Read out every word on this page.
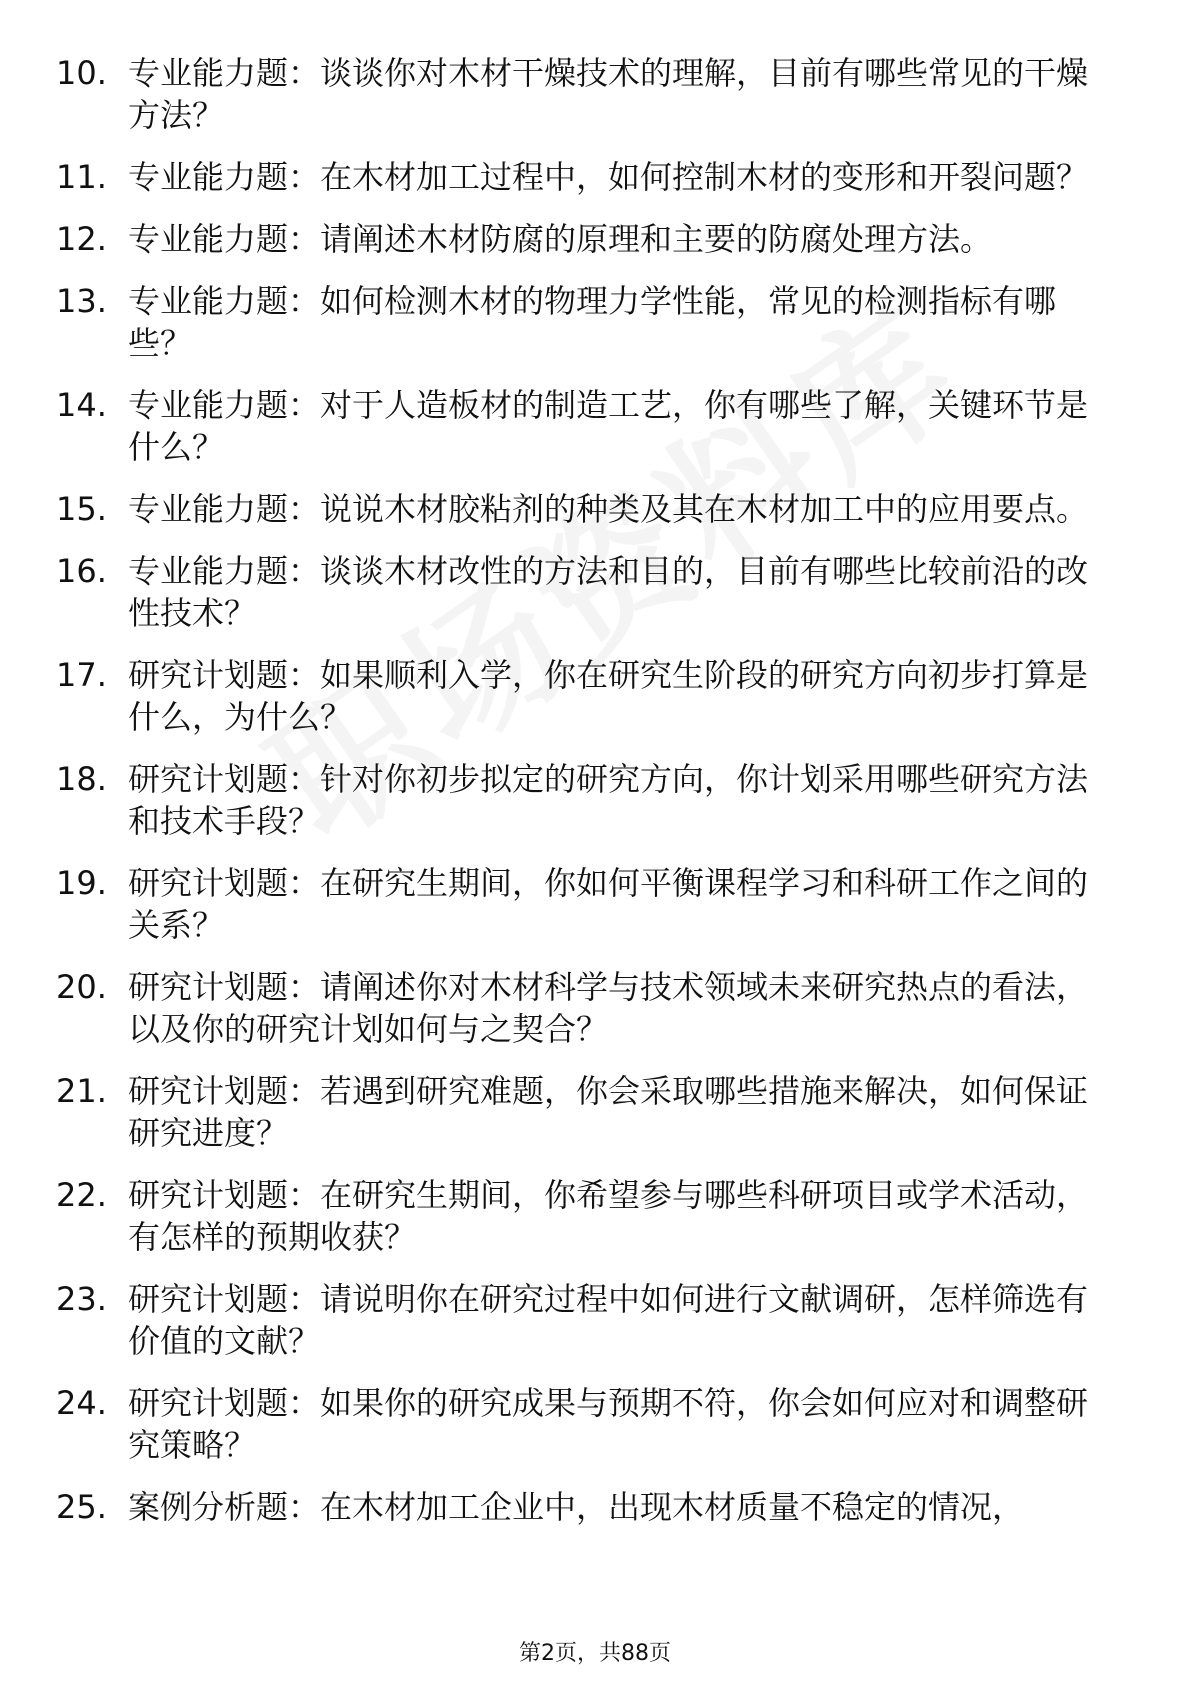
10. 专业能力题：谈谈你对木材干燥技术的理解，目前有哪些常见的干燥方法？
11. 专业能力题：在木材加工过程中，如何控制木材的变形和开裂问题？
12. 专业能力题：请阐述木材防腐的原理和主要的防腐处理方法。
13. 专业能力题：如何检测木材的物理力学性能，常见的检测指标有哪些？
14. 专业能力题：对于人造板材的制造工艺，你有哪些了解，关键环节是什么？
15. 专业能力题：说说木材胶粘剂的种类及其在木材加工中的应用要点。
16. 专业能力题：谈谈木材改性的方法和目的，目前有哪些比较前沿的改性技术？
17. 研究计划题：如果顺利入学，你在研究生阶段的研究方向初步打算是什么，为什么？
18. 研究计划题：针对你初步拟定的研究方向，你计划采用哪些研究方法和技术手段？
19. 研究计划题：在研究生期间，你如何平衡课程学习和科研工作之间的关系？
20. 研究计划题：请阐述你对木材科学与技术领域未来研究热点的看法，以及你的研究计划如何与之契合？
21. 研究计划题：若遇到研究难题，你会采取哪些措施来解决，如何保证研究进度？
22. 研究计划题：在研究生期间，你希望参与哪些科研项目或学术活动，有怎样的预期收获？
23. 研究计划题：请说明你在研究过程中如何进行文献调研，怎样筛选有价值的文献？
24. 研究计划题：如果你的研究成果与预期不符，你会如何应对和调整研究策略？
25. 案例分析题：在木材加工企业中，出现木材质量不稳定的情况，
第2页，共88页
